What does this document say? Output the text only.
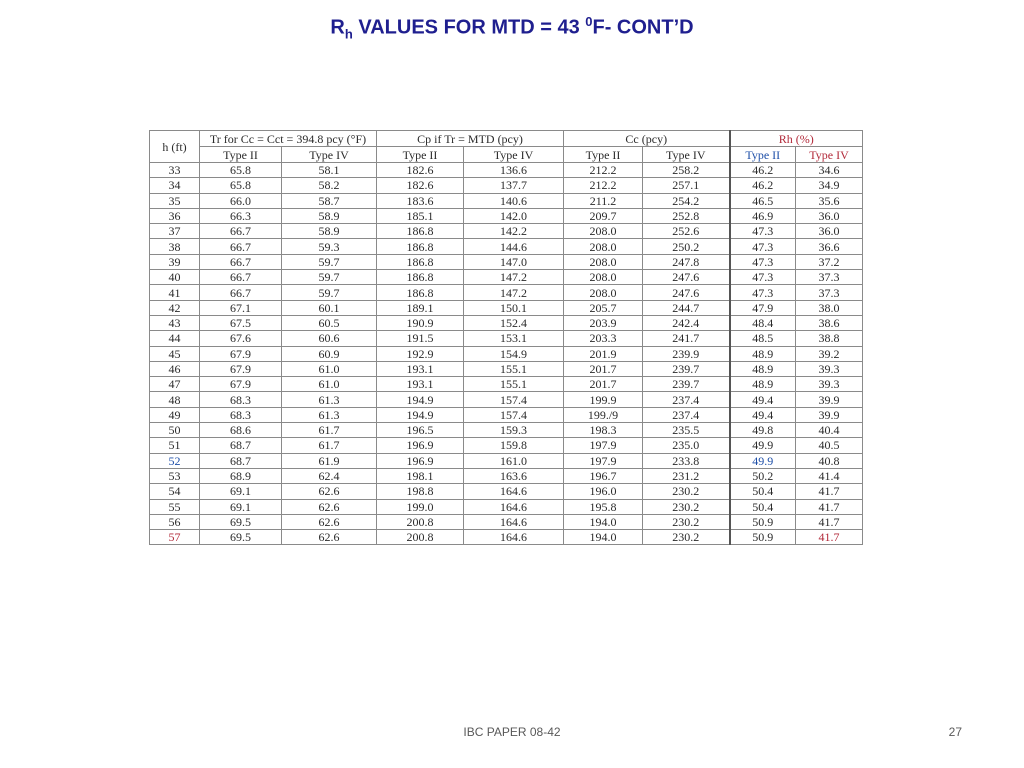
$R_h$ VALUES FOR MTD = 43 $^0$F- CONT’D
h (ft)	Tr for Cc = Cct = 394.8 pcy (°F)		Cp if Tr = MTD (pcy)		Cc (pcy)		Rh (%)	
	Type II	Type IV	Type II	Type IV	Type II	Type IV	Type II	Type IV
33	65.8	58.1	182.6	136.6	212.2	258.2	46.2	34.6
34	65.8	58.2	182.6	137.7	212.2	257.1	46.2	34.9
35	66.0	58.7	183.6	140.6	211.2	254.2	46.5	35.6
36	66.3	58.9	185.1	142.0	209.7	252.8	46.9	36.0
37	66.7	58.9	186.8	142.2	208.0	252.6	47.3	36.0
38	66.7	59.3	186.8	144.6	208.0	250.2	47.3	36.6
39	66.7	59.7	186.8	147.0	208.0	247.8	47.3	37.2
40	66.7	59.7	186.8	147.2	208.0	247.6	47.3	37.3
41	66.7	59.7	186.8	147.2	208.0	247.6	47.3	37.3
42	67.1	60.1	189.1	150.1	205.7	244.7	47.9	38.0
43	67.5	60.5	190.9	152.4	203.9	242.4	48.4	38.6
44	67.6	60.6	191.5	153.1	203.3	241.7	48.5	38.8
45	67.9	60.9	192.9	154.9	201.9	239.9	48.9	39.2
46	67.9	61.0	193.1	155.1	201.7	239.7	48.9	39.3
47	67.9	61.0	193.1	155.1	201.7	239.7	48.9	39.3
48	68.3	61.3	194.9	157.4	199.9	237.4	49.4	39.9
49	68.3	61.3	194.9	157.4	199./9	237.4	49.4	39.9
50	68.6	61.7	196.5	159.3	198.3	235.5	49.8	40.4
51	68.7	61.7	196.9	159.8	197.9	235.0	49.9	40.5
52	68.7	61.9	196.9	161.0	197.9	233.8	49.9	40.8
53	68.9	62.4	198.1	163.6	196.7	231.2	50.2	41.4
54	69.1	62.6	198.8	164.6	196.0	230.2	50.4	41.7
55	69.1	62.6	199.0	164.6	195.8	230.2	50.4	41.7
56	69.5	62.6	200.8	164.6	194.0	230.2	50.9	41.7
57	69.5	62.6	200.8	164.6	194.0	230.2	50.9	41.7
IBC PAPER 08-42	27
